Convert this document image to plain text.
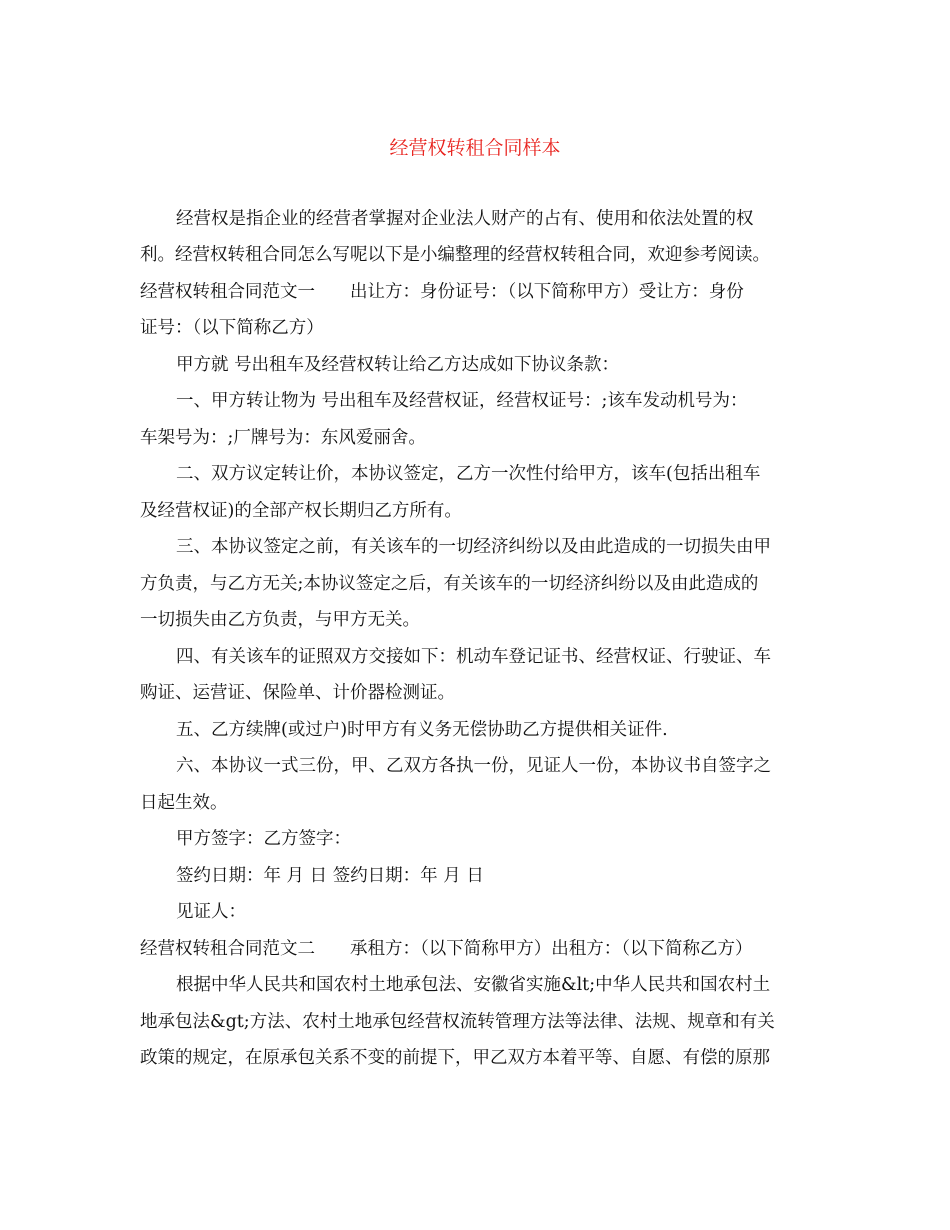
经营权转租合同样本
经营权是指企业的经营者掌握对企业法人财产的占有、使用和依法处置的权
利。经营权转租合同怎么写呢以下是小编整理的经营权转租合同，欢迎参考阅读。
经营权转租合同范文一　　出让方：身份证号：（以下简称甲方）受让方：身份
证号：（以下简称乙方）
甲方就 号出租车及经营权转让给乙方达成如下协议条款：
一、甲方转让物为 号出租车及经营权证，经营权证号：;该车发动机号为：
车架号为：;厂牌号为：东风爱丽舍。
二、双方议定转让价，本协议签定，乙方一次性付给甲方，该车(包括出租车
及经营权证)的全部产权长期归乙方所有。
三、本协议签定之前，有关该车的一切经济纠纷以及由此造成的一切损失由甲
方负责，与乙方无关;本协议签定之后，有关该车的一切经济纠纷以及由此造成的
一切损失由乙方负责，与甲方无关。
四、有关该车的证照双方交接如下：机动车登记证书、经营权证、行驶证、车
购证、运营证、保险单、计价器检测证。
五、乙方续牌(或过户)时甲方有义务无偿协助乙方提供相关证件.
六、本协议一式三份，甲、乙双方各执一份，见证人一份，本协议书自签字之
日起生效。
甲方签字：乙方签字：
签约日期：年 月 日 签约日期：年 月 日
见证人：
经营权转租合同范文二　　承租方：（以下简称甲方）出租方：（以下简称乙方）
根据中华人民共和国农村土地承包法、安徽省实施&lt;中华人民共和国农村土
地承包法&gt;方法、农村土地承包经营权流转管理方法等法律、法规、规章和有关
政策的规定，在原承包关系不变的前提下，甲乙双方本着平等、自愿、有偿的原那
